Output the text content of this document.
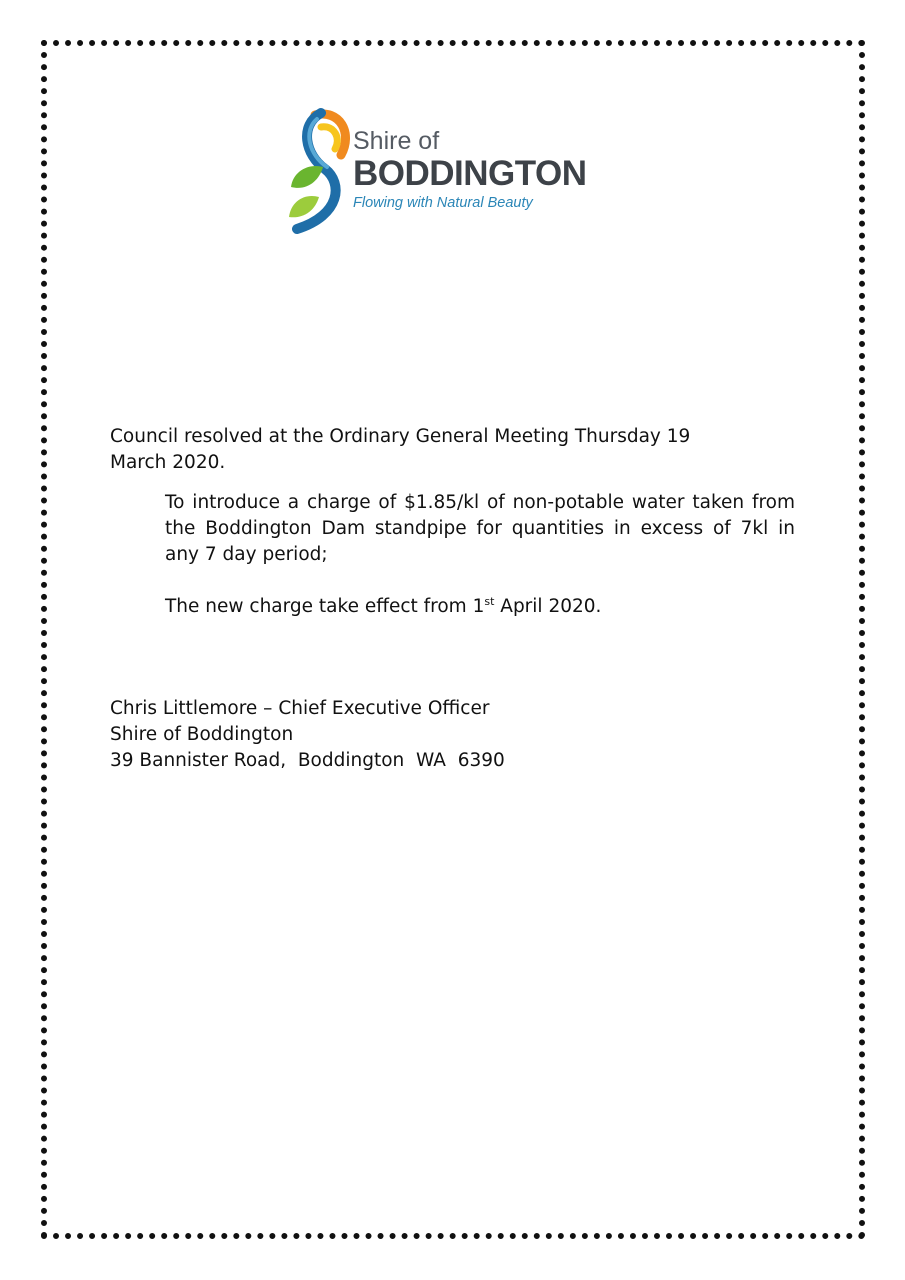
Shire of
BODDINGTON
Flowing with Natural Beauty
Council resolved at the Ordinary General Meeting Thursday 19
March 2020.
To introduce a charge of $1.85/kl of non-potable water taken from the Boddington Dam standpipe for quantities in excess of 7kl in any 7 day period;
The new charge take effect from 1st April 2020.
Chris Littlemore – Chief Executive Officer
Shire of Boddington
39 Bannister Road,  Boddington  WA  6390
